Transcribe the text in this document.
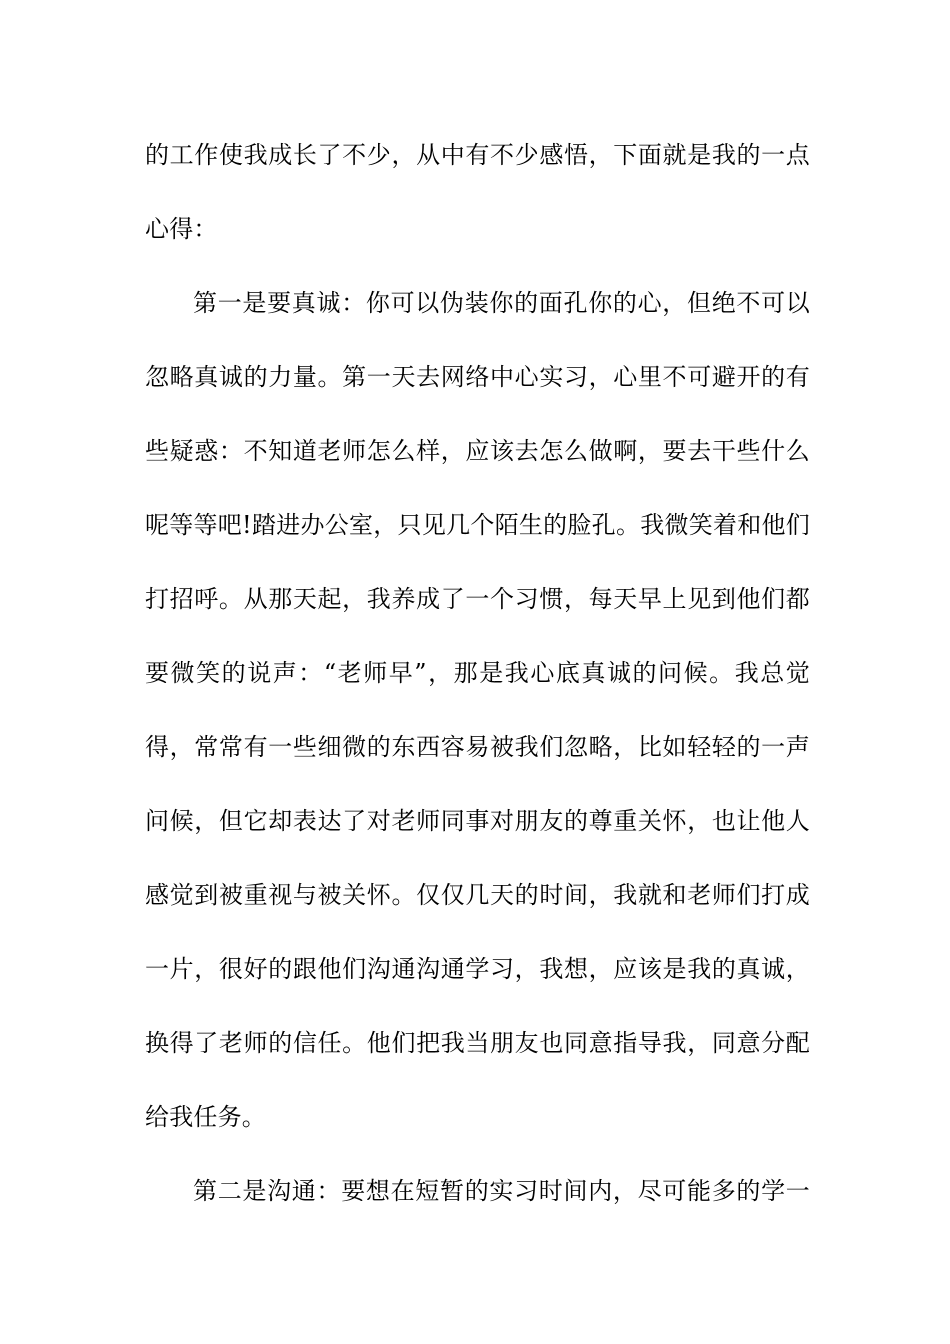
的工作使我成长了不少，从中有不少感悟，下面就是我的一点
心得：
第一是要真诚：你可以伪装你的面孔你的心，但绝不可以
忽略真诚的力量。第一天去网络中心实习，心里不可避开的有
些疑惑：不知道老师怎么样，应该去怎么做啊，要去干些什么
呢等等吧!踏进办公室，只见几个陌生的脸孔。我微笑着和他们
打招呼。从那天起，我养成了一个习惯，每天早上见到他们都
要微笑的说声：“老师早”，那是我心底真诚的问候。我总觉
得，常常有一些细微的东西容易被我们忽略，比如轻轻的一声
问候，但它却表达了对老师同事对朋友的尊重关怀，也让他人
感觉到被重视与被关怀。仅仅几天的时间，我就和老师们打成
一片，很好的跟他们沟通沟通学习，我想，应该是我的真诚，
换得了老师的信任。他们把我当朋友也同意指导我，同意分配
给我任务。
第二是沟通：要想在短暂的实习时间内，尽可能多的学一
